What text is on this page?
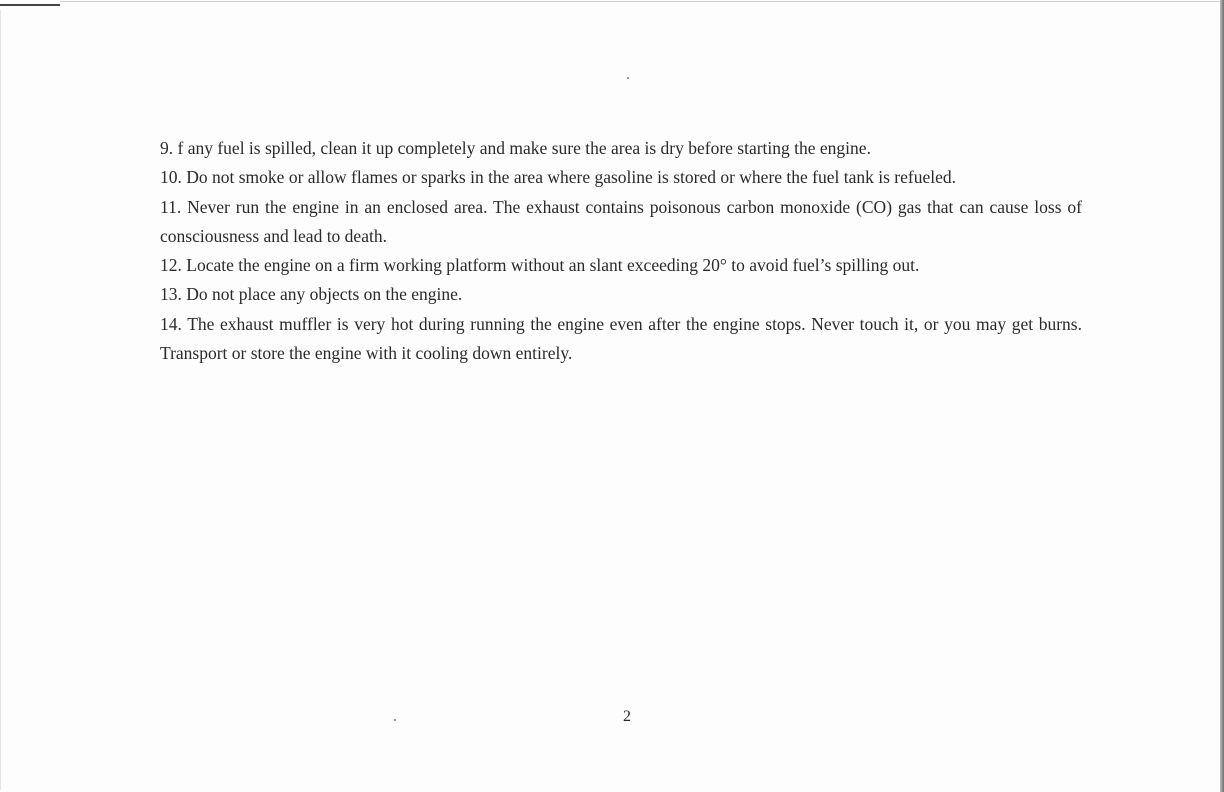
9. f any fuel is spilled, clean it up completely and make sure the area is dry before starting the engine.

10. Do not smoke or allow flames or sparks in the area where gasoline is stored or where the fuel tank is refueled.

11. Never run the engine in an enclosed area. The exhaust contains poisonous carbon monoxide (CO) gas that can cause loss of consciousness and lead to death.

12. Locate the engine on a firm working platform without an slant exceeding 20° to avoid fuel’s spilling out.

13. Do not place any objects on the engine.

14. The exhaust muffler is very hot during running the engine even after the engine stops. Never touch it, or you may get burns. Transport or store the engine with it cooling down entirely.

2
